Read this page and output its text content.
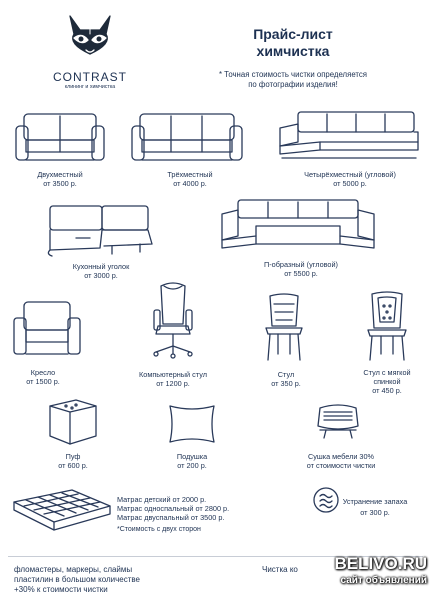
CONTRAST
клининг и химчистка
Прайс-лист
химчистка
* Точная стоимость чистки определяется
по фотографии изделия!
Двухместный
от 3500 р.
Трёхместный
от 4000 р.
Четырёхместный (угловой)
от 5000 р.
Кухонный уголок
от 3000 р.
П-образный (угловой)
от 5500 р.
Кресло
от 1500 р.
Компьютерный стул
от 1200 р.
Стул
от 350 р.
Стул с мягкой
спинкой
от 450 р.
Пуф
от 600 р.
Подушка
от 200 р.
Сушка мебели 30%
от стоимости чистки
Матрас детский от 2000 р.
Матрас односпальный от 2800 р.
Матрас двуспальный от 3500 р.
*Стоимость с двух сторон
Устранение запаха
от 300 р.
фломастеры, маркеры, слаймы
пластилин в большом количестве
+30% к стоимости чистки
Чистка ко	BELIVO.RU
сайт объявлений
